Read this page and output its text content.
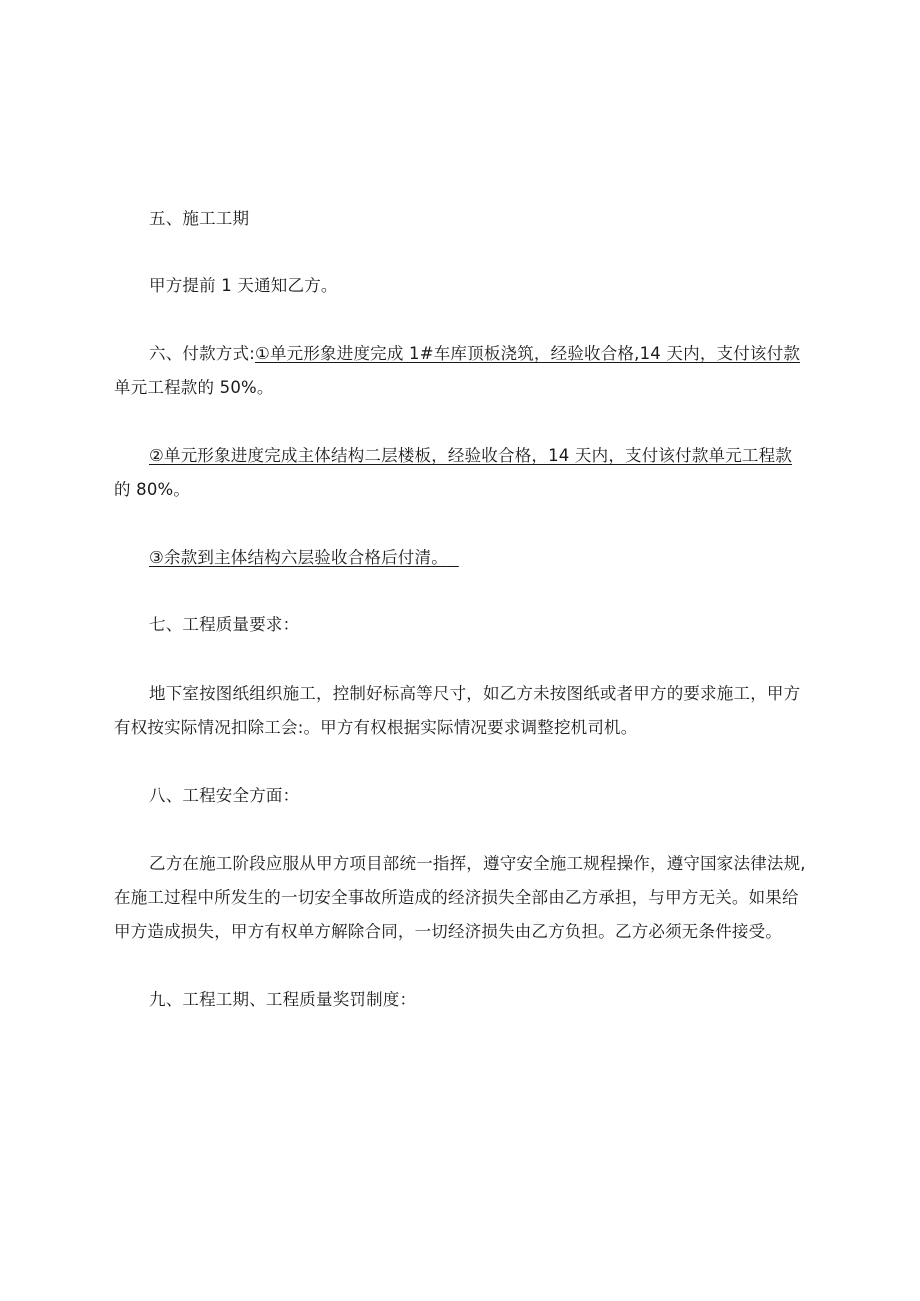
五、施工工期
甲方提前 1 天通知乙方。
六、付款方式:①单元形象进度完成 1#车库顶板浇筑，经验收合格,14 天内，支付该付款
单元工程款的 50%。
②单元形象进度完成主体结构二层楼板，经验收合格，14 天内，支付该付款单元工程款
的 80%。
③余款到主体结构六层验收合格后付清。
七、工程质量要求：
地下室按图纸组织施工，控制好标高等尺寸，如乙方未按图纸或者甲方的要求施工，甲方
有权按实际情况扣除工会:。甲方有权根据实际情况要求调整挖机司机。
八、工程安全方面：
乙方在施工阶段应服从甲方项目部统一指挥，遵守安全施工规程操作，遵守国家法律法规,
在施工过程中所发生的一切安全事故所造成的经济损失全部由乙方承担，与甲方无关。如果给
甲方造成损失，甲方有权单方解除合同，一切经济损失由乙方负担。乙方必须无条件接受。
九、工程工期、工程质量奖罚制度：
